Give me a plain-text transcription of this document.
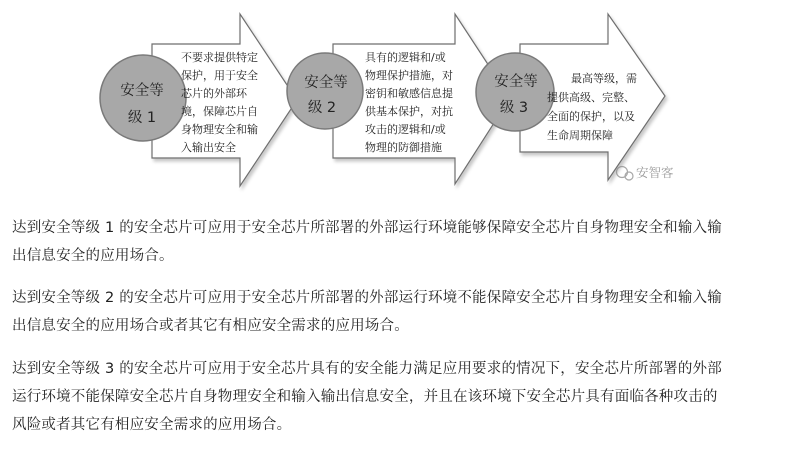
安全等
级 1
安全等
级 2
安全等
级 3
不要求提供特定
保护，用于安全
芯片的外部环
境，保障芯片自
身物理安全和输
入输出安全
具有的逻辑和/或
物理保护措施，对
密钥和敏感信息提
供基本保护，对抗
攻击的逻辑和/或
物理的防御措施
最高等级，需
提供高级、完整、
全面的保护，以及
生命周期保障
安智客

达到安全等级 1 的安全芯片可应用于安全芯片所部署的外部运行环境能够保障安全芯片自身物理安全和输入输
出信息安全的应用场合。

达到安全等级 2 的安全芯片可应用于安全芯片所部署的外部运行环境不能保障安全芯片自身物理安全和输入输
出信息安全的应用场合或者其它有相应安全需求的应用场合。

达到安全等级 3 的安全芯片可应用于安全芯片具有的安全能力满足应用要求的情况下，安全芯片所部署的外部
运行环境不能保障安全芯片自身物理安全和输入输出信息安全，并且在该环境下安全芯片具有面临各种攻击的
风险或者其它有相应安全需求的应用场合。
